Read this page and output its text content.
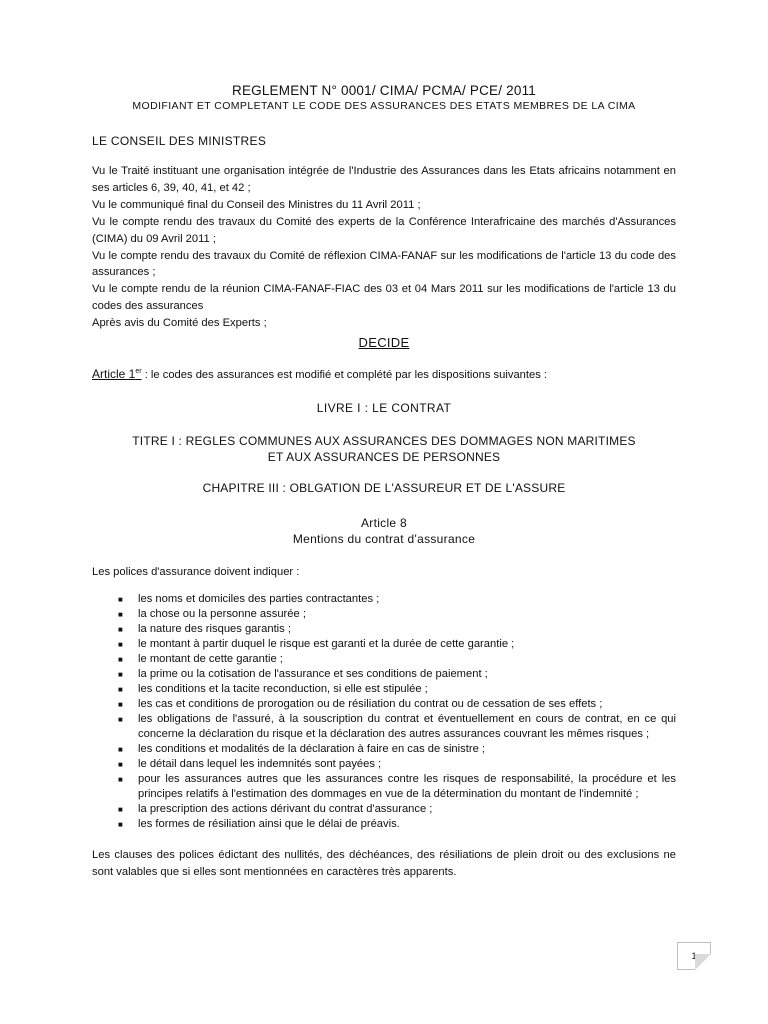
REGLEMENT N° 0001/ CIMA/ PCMA/ PCE/ 2011

MODIFIANT ET COMPLETANT LE CODE DES ASSURANCES DES ETATS MEMBRES DE LA CIMA

LE CONSEIL DES MINISTRES

Vu le Traité instituant une organisation intégrée de l'Industrie des Assurances dans les Etats africains notamment en ses articles 6, 39, 40, 41, et 42 ;
Vu le communiqué final du Conseil des Ministres du 11 Avril 2011 ;
Vu le compte rendu des travaux du Comité des experts de la Conférence Interafricaine des marchés d'Assurances (CIMA) du 09 Avril 2011 ;
Vu le compte rendu des travaux du Comité de réflexion CIMA-FANAF sur les modifications de l'article 13 du code des assurances ;
Vu le compte rendu de la réunion CIMA-FANAF-FIAC des 03 et 04 Mars 2011 sur les modifications de l'article 13 du codes des assurances
Après avis du Comité des Experts ;

DECIDE

Article 1er : le codes des assurances est modifié et complété par les dispositions suivantes :

LIVRE I : LE CONTRAT

TITRE I : REGLES COMMUNES AUX ASSURANCES DES DOMMAGES NON MARITIMES
ET AUX ASSURANCES DE PERSONNES

CHAPITRE III : OBLGATION DE L'ASSUREUR ET DE L'ASSURE

Article 8

Mentions du contrat d'assurance

Les polices d'assurance doivent indiquer :

■ les noms et domiciles des parties contractantes ;
■ la chose ou la personne assurée ;
■ la nature des risques garantis ;
■ le montant à partir duquel le risque est garanti et la durée de cette garantie ;
■ le montant de cette garantie ;
■ la prime ou la cotisation de l'assurance et ses conditions de paiement ;
■ les conditions et la tacite reconduction, si elle est stipulée ;
■ les cas et conditions de prorogation ou de résiliation du contrat ou de cessation de ses effets ;
■ les obligations de l'assuré, à la souscription du contrat et éventuellement en cours de contrat, en ce qui concerne la déclaration du risque et la déclaration des autres assurances couvrant les mêmes risques ;
■ les conditions et modalités de la déclaration à faire en cas de sinistre ;
■ le détail dans lequel les indemnités sont payées ;
■ pour les assurances autres que les assurances contre les risques de responsabilité, la procédure et les principes relatifs à l'estimation des dommages en vue de la détermination du montant de l'indemnité ;
■ la prescription des actions dérivant du contrat d'assurance ;
■ les formes de résiliation ainsi que le délai de préavis.

Les clauses des polices édictant des nullités, des déchéances, des résiliations de plein droit ou des exclusions ne sont valables que si elles sont mentionnées en caractères très apparents.

1
